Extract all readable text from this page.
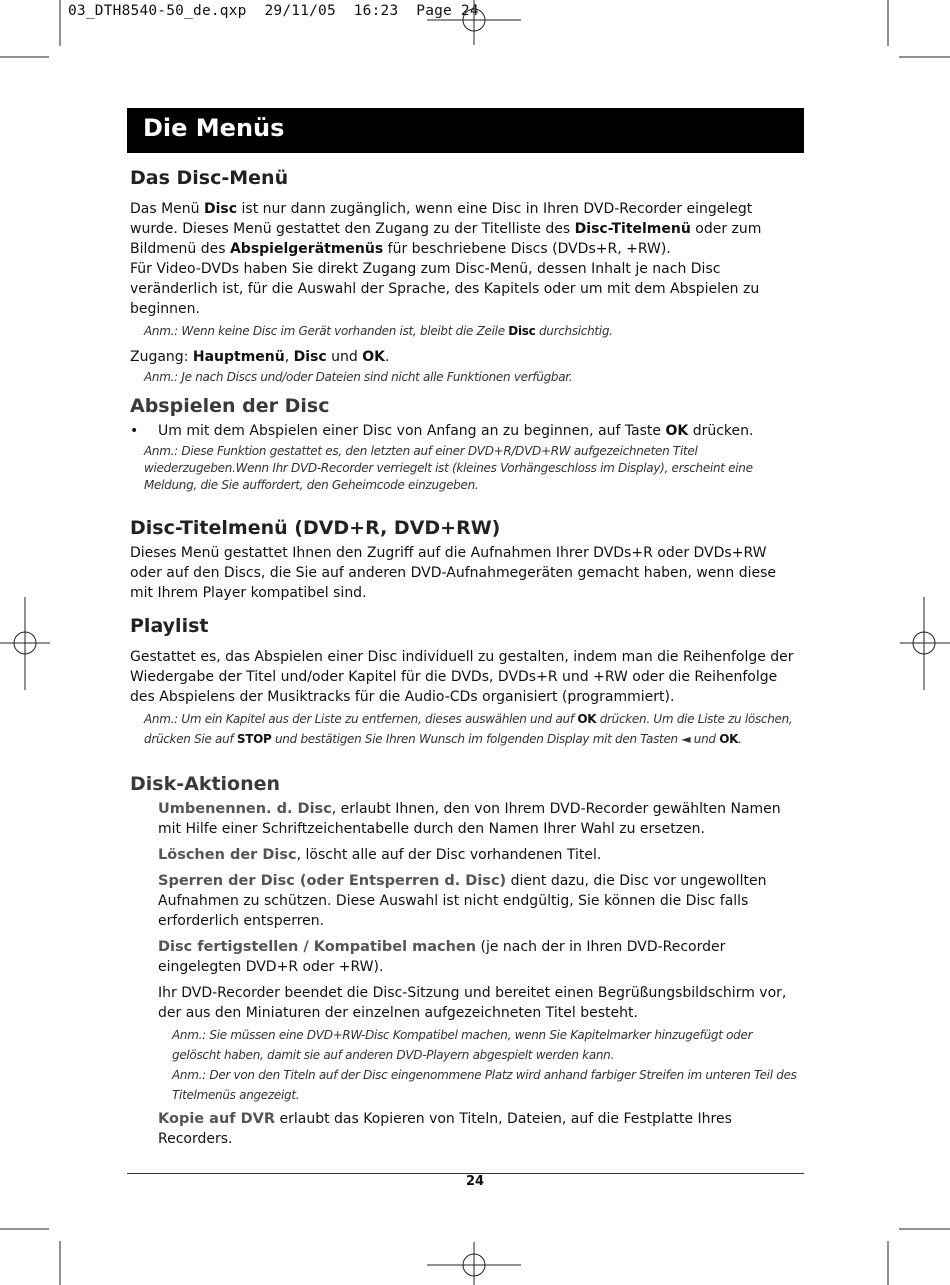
03_DTH8540-50_de.qxp  29/11/05  16:23  Page 24
Die Menüs
Das Disc-Menü

Das Menü Disc ist nur dann zugänglich, wenn eine Disc in Ihren DVD-Recorder eingelegt wurde. Dieses Menü gestattet den Zugang zu der Titelliste des Disc-Titelmenü oder zum Bildmenü des Abspielgerätmenüs für beschriebene Discs (DVDs+R, +RW).

Für Video-DVDs haben Sie direkt Zugang zum Disc-Menü, dessen Inhalt je nach Disc veränderlich ist, für die Auswahl der Sprache, des Kapitels oder um mit dem Abspielen zu beginnen.

Anm.: Wenn keine Disc im Gerät vorhanden ist, bleibt die Zeile Disc durchsichtig.

Zugang: Hauptmenü, Disc und OK.

Anm.: Je nach Discs und/oder Dateien sind nicht alle Funktionen verfügbar.

Abspielen der Disc
•	Um mit dem Abspielen einer Disc von Anfang an zu beginnen, auf Taste OK drücken.

Anm.: Diese Funktion gestattet es, den letzten auf einer DVD+R/DVD+RW aufgezeichneten Titel wiederzugeben.Wenn Ihr DVD-Recorder verriegelt ist (kleines Vorhängeschloss im Display), erscheint eine Meldung, die Sie auffordert, den Geheimcode einzugeben.

Disc-Titelmenü (DVD+R, DVD+RW)

Dieses Menü gestattet Ihnen den Zugriff auf die Aufnahmen Ihrer DVDs+R oder DVDs+RW oder auf den Discs, die Sie auf anderen DVD-Aufnahmegeräten gemacht haben, wenn diese mit Ihrem Player kompatibel sind.

Playlist

Gestattet es, das Abspielen einer Disc individuell zu gestalten, indem man die Reihenfolge der Wiedergabe der Titel und/oder Kapitel für die DVDs, DVDs+R und +RW oder die Reihenfolge des Abspielens der Musiktracks für die Audio-CDs organisiert (programmiert).

Anm.: Um ein Kapitel aus der Liste zu entfernen, dieses auswählen und auf OK drücken. Um die Liste zu löschen, drücken Sie auf STOP und bestätigen Sie Ihren Wunsch im folgenden Display mit den Tasten ◄ und OK.

Disk-Aktionen

Umbenennen. d. Disc, erlaubt Ihnen, den von Ihrem DVD-Recorder gewählten Namen mit Hilfe einer Schriftzeichentabelle durch den Namen Ihrer Wahl zu ersetzen.

Löschen der Disc, löscht alle auf der Disc vorhandenen Titel.

Sperren der Disc (oder Entsperren d. Disc) dient dazu, die Disc vor ungewollten Aufnahmen zu schützen. Diese Auswahl ist nicht endgültig, Sie können die Disc falls erforderlich entsperren.

Disc fertigstellen / Kompatibel machen (je nach der in Ihren DVD-Recorder eingelegten DVD+R oder +RW).

Ihr DVD-Recorder beendet die Disc-Sitzung und bereitet einen Begrüßungsbildschirm vor, der aus den Miniaturen der einzelnen aufgezeichneten Titel besteht.

Anm.: Sie müssen eine DVD+RW-Disc Kompatibel machen, wenn Sie Kapitelmarker hinzugefügt oder gelöscht haben, damit sie auf anderen DVD-Playern abgespielt werden kann.

Anm.: Der von den Titeln auf der Disc eingenommene Platz wird anhand farbiger Streifen im unteren Teil des Titelmenüs angezeigt.

Kopie auf DVR erlaubt das Kopieren von Titeln, Dateien, auf die Festplatte Ihres Recorders.

24
